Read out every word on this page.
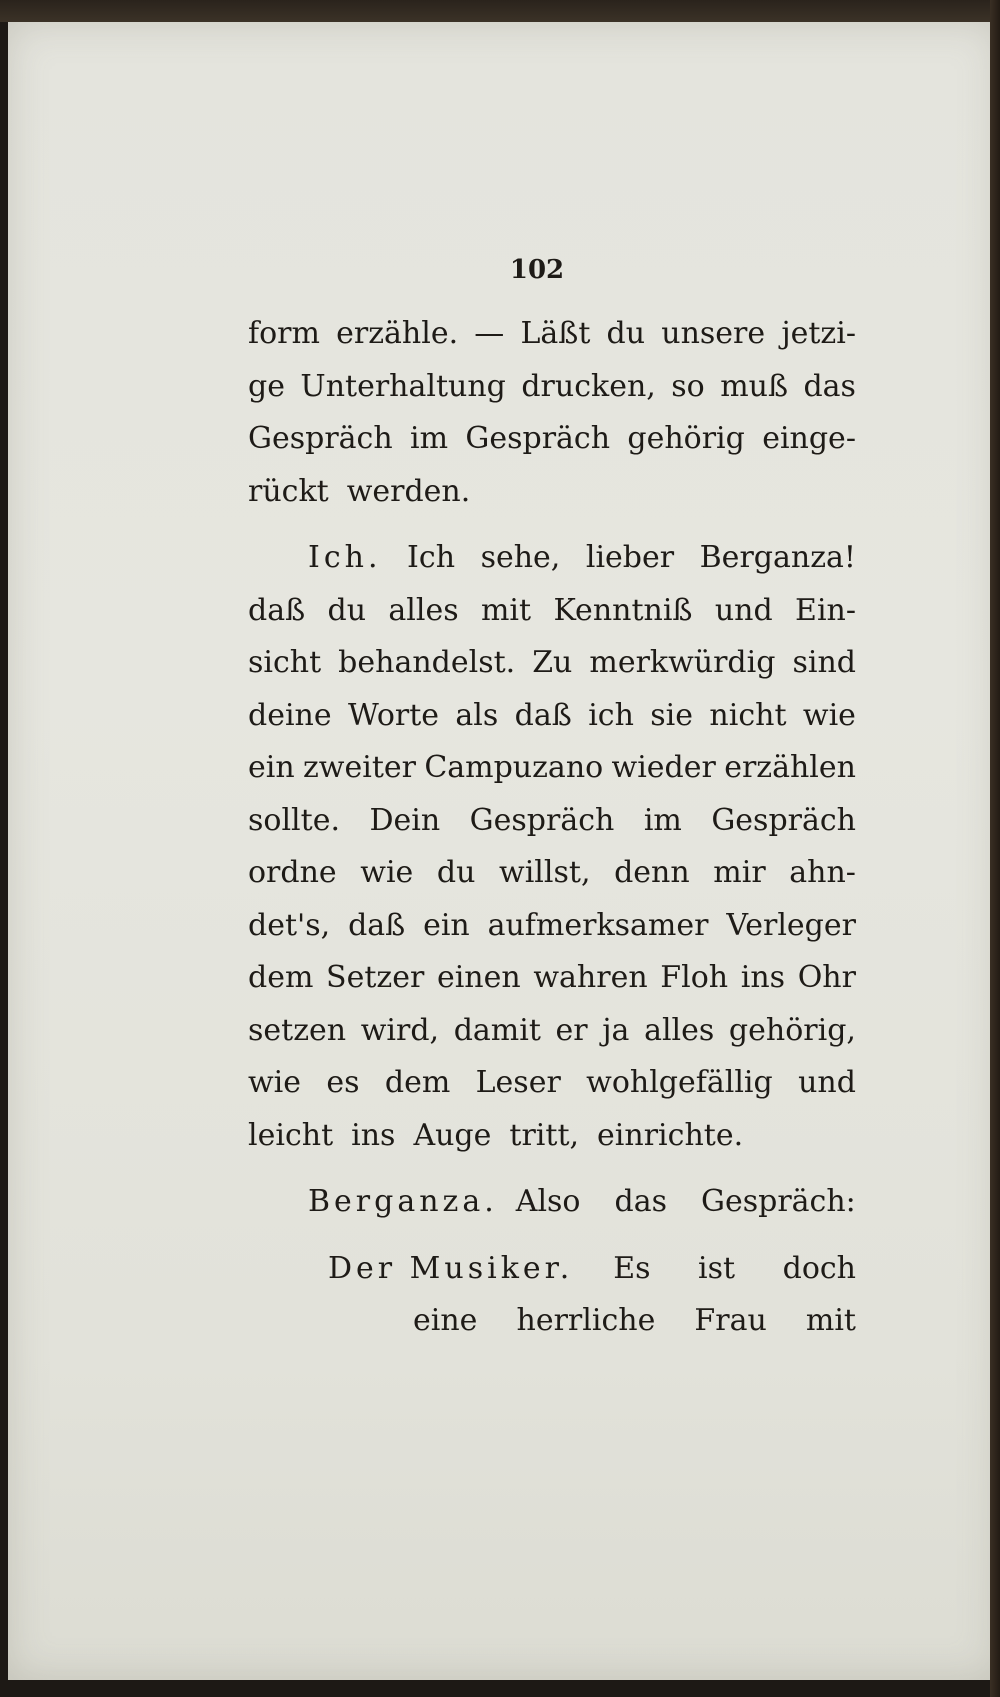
102
form erzähle. — Läßt du unsere jetzi-
ge Unterhaltung drucken, so muß das
Gespräch im Gespräch gehörig einge-
rückt werden.
Ich. Ich sehe, lieber Berganza!
daß du alles mit Kenntniß und Ein-
sicht behandelst. Zu merkwürdig sind
deine Worte als daß ich sie nicht wie
ein zweiter Campuzano wieder erzählen
sollte. Dein Gespräch im Gespräch
ordne wie du willst, denn mir ahn-
det's, daß ein aufmerksamer Verleger
dem Setzer einen wahren Floh ins Ohr
setzen wird, damit er ja alles gehörig,
wie es dem Leser wohlgefällig und
leicht ins Auge tritt, einrichte.
Berganza. Also das Gespräch:
Der Musiker. Es ist doch
eine herrliche Frau mit
